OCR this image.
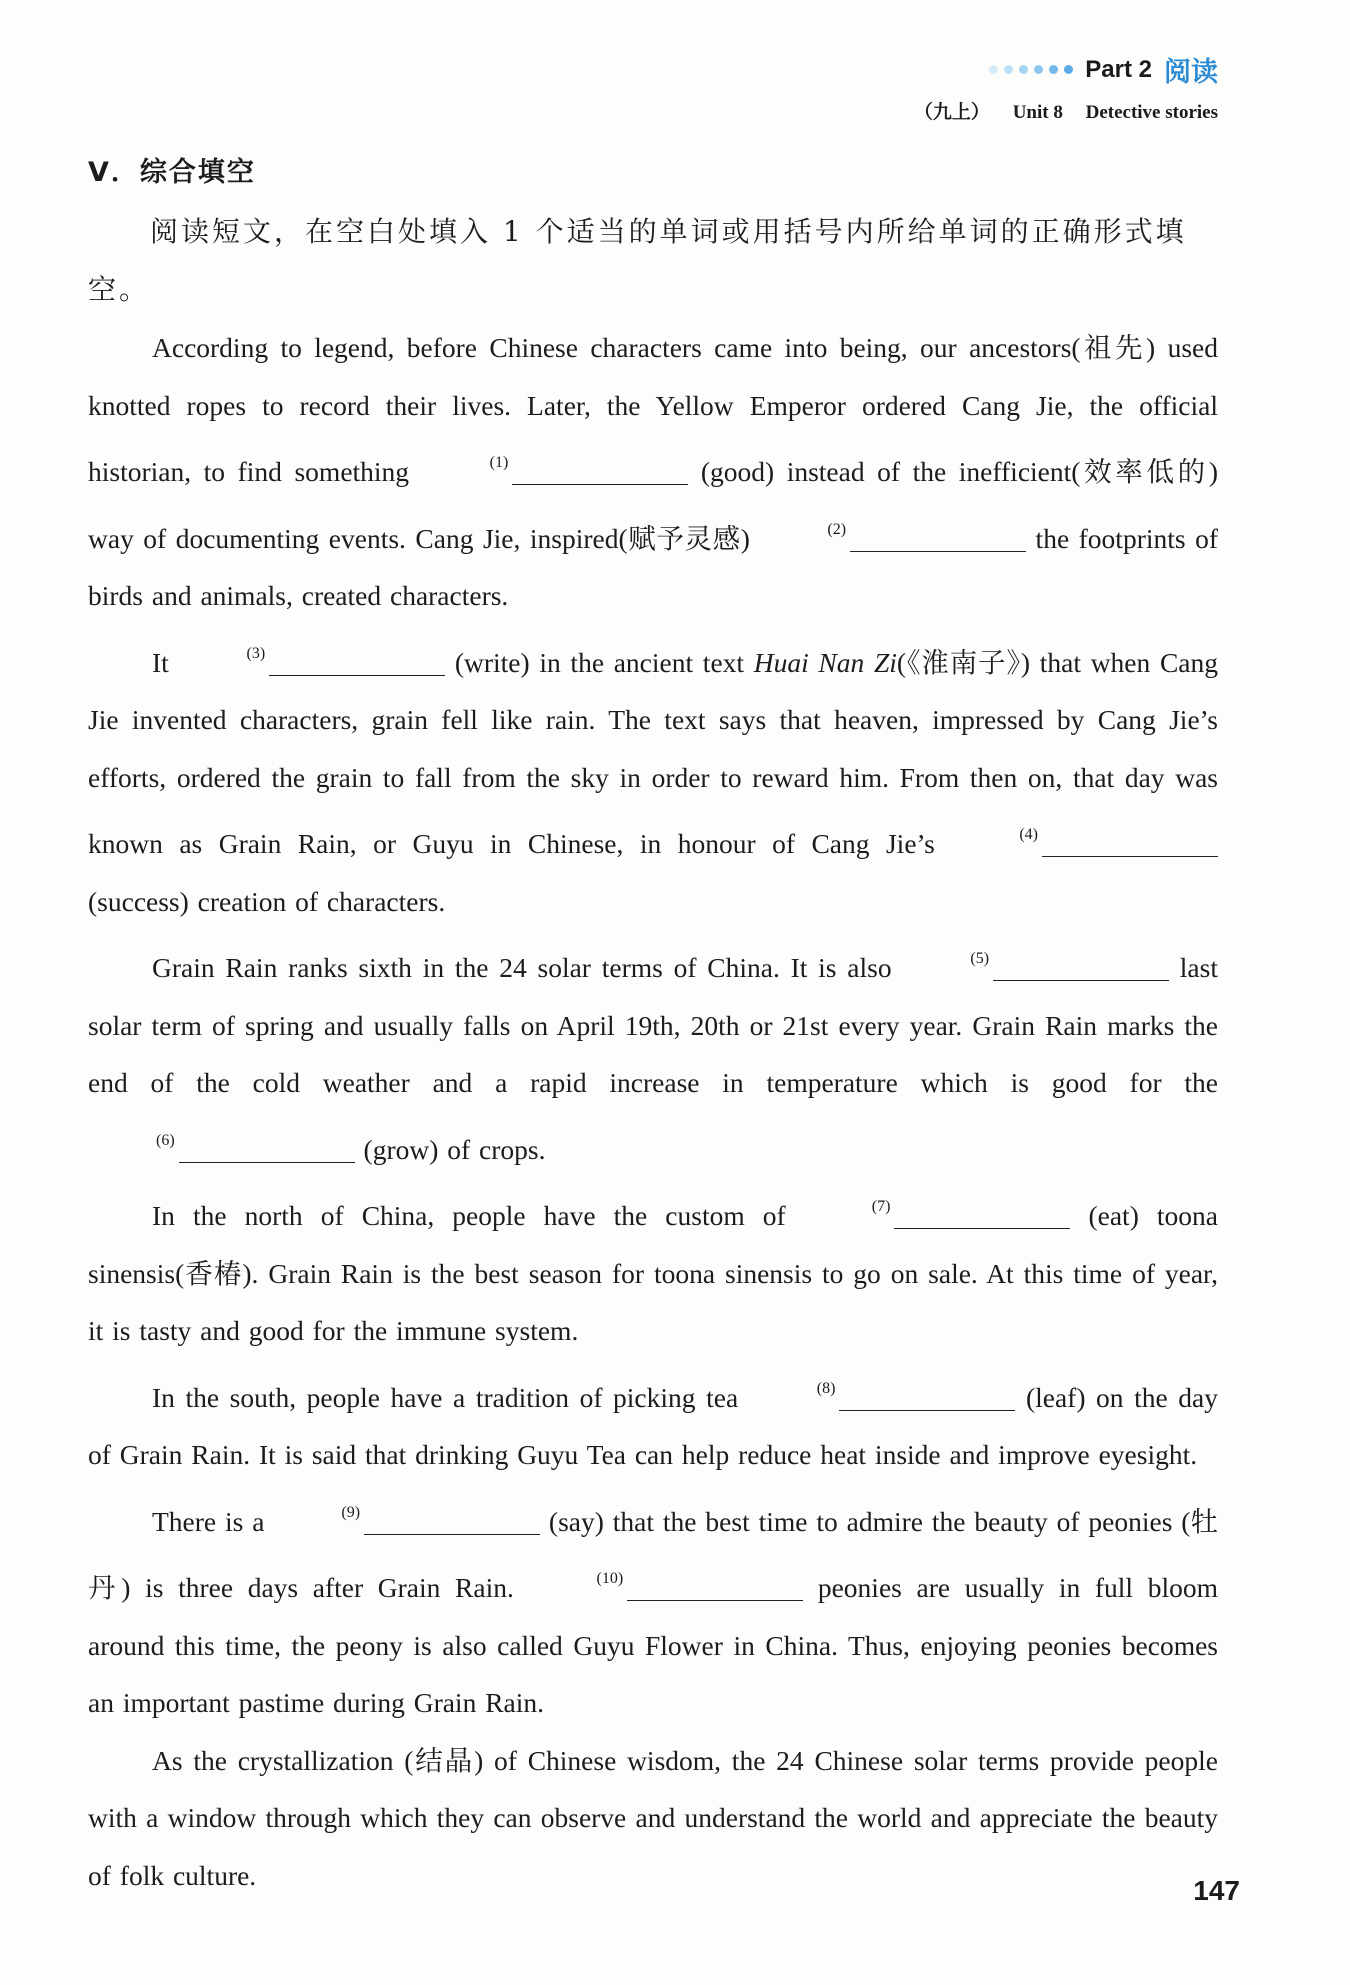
Part 2 阅读
（九上） Unit 8 Detective stories
V．综合填空

阅读短文，在空白处填入 1 个适当的单词或用括号内所给单词的正确形式填空。

According to legend, before Chinese characters came into being, our ancestors(祖先) used knotted ropes to record their lives. Later, the Yellow Emperor ordered Cang Jie, the official historian, to find something	$^{(1)}$	(good) instead of the inefficient(效率低的) way of documenting events. Cang Jie, inspired(赋予灵感)	$^{(2)}$	the footprints of birds and animals, created characters.

It	$^{(3)}$	(write) in the ancient text Huai Nan Zi(《淮南子》) that when Cang Jie invented characters, grain fell like rain. The text says that heaven, impressed by Cang Jie’s efforts, ordered the grain to fall from the sky in order to reward him. From then on, that day was known as Grain Rain, or Guyu in Chinese, in honour of Cang Jie’s	$^{(4)}$ (success) creation of characters.

Grain Rain ranks sixth in the 24 solar terms of China. It is also	$^{(5)}$	last solar term of spring and usually falls on April 19th, 20th or 21st every year. Grain Rain marks the end of the cold weather and a rapid increase in temperature which is good for the $^{(6)}$	(grow) of crops.

In the north of China, people have the custom of	$^{(7)}$	(eat) toona sinensis(香椿). Grain Rain is the best season for toona sinensis to go on sale. At this time of year, it is tasty and good for the immune system.

In the south, people have a tradition of picking tea	$^{(8)}$	(leaf) on the day of Grain Rain. It is said that drinking Guyu Tea can help reduce heat inside and improve eyesight.

There is a	$^{(9)}$	(say) that the best time to admire the beauty of peonies (牡丹) is three days after Grain Rain.	$^{(10)}$	peonies are usually in full bloom around this time, the peony is also called Guyu Flower in China. Thus, enjoying peonies becomes an important pastime during Grain Rain.

As the crystallization (结晶) of Chinese wisdom, the 24 Chinese solar terms provide people with a window through which they can observe and understand the world and appreciate the beauty of folk culture.	147
